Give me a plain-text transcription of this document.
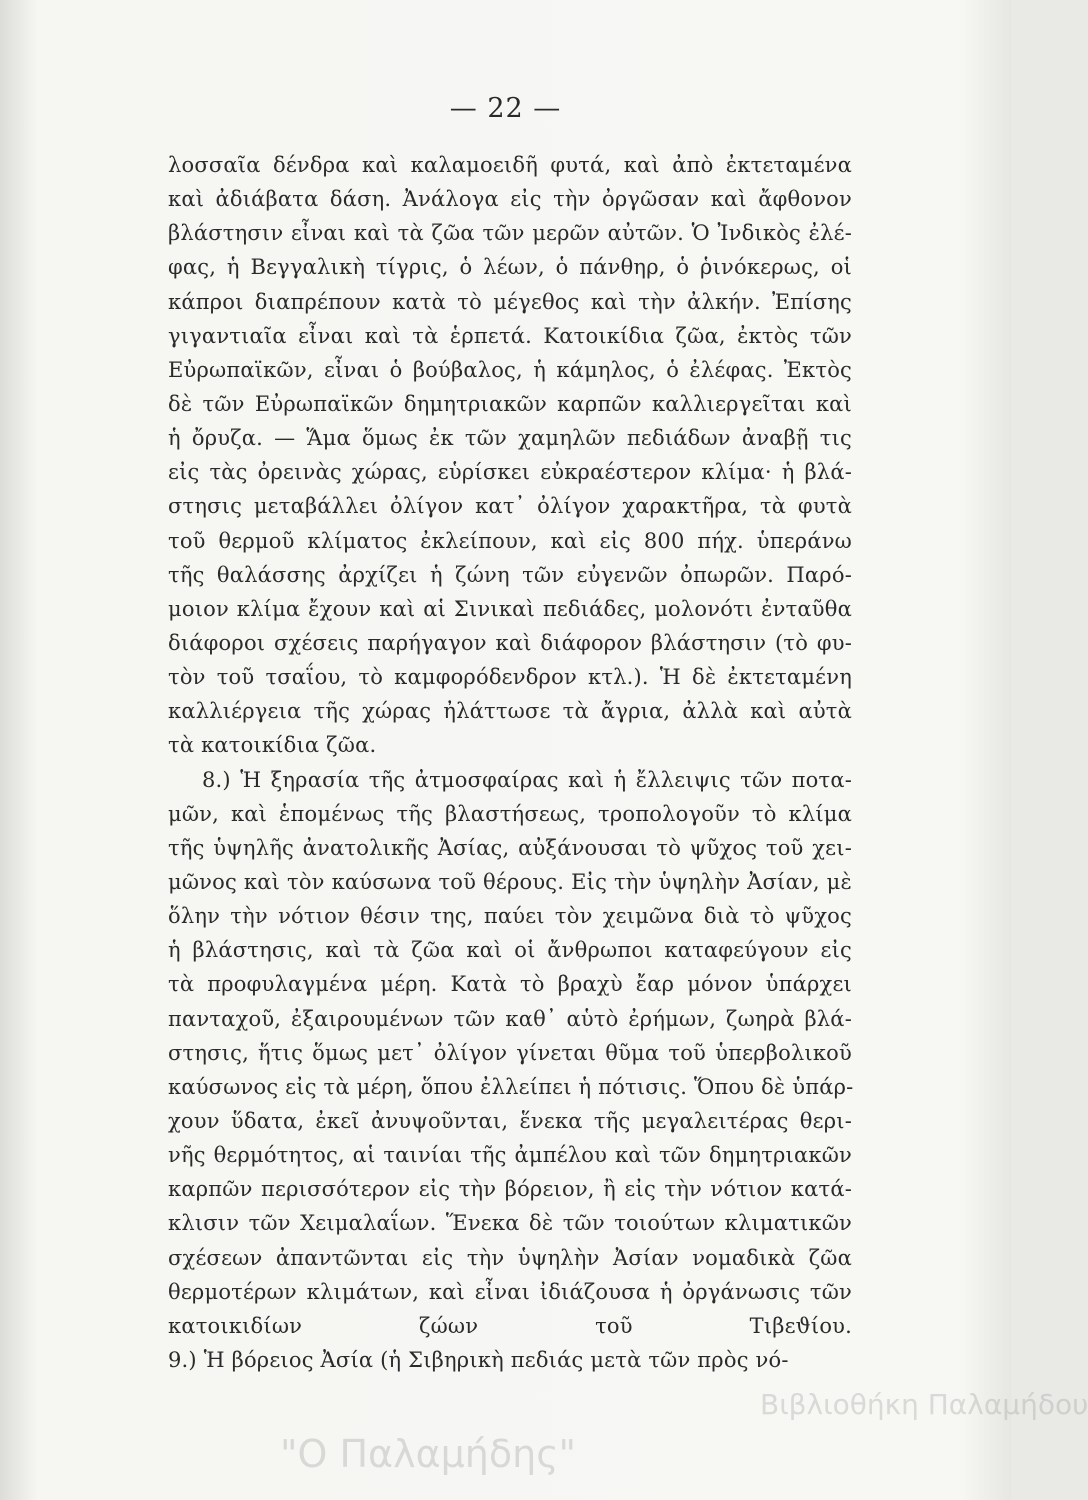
— 22 —
λοσσαῖα δένδρα καὶ καλαμοειδῆ φυτά, καὶ ἀπὸ ἐκτεταμένα
καὶ ἀδιάβατα δάση. Ἀνάλογα εἰς τὴν ὀργῶσαν καὶ ἄφθονον
βλάστησιν εἶναι καὶ τὰ ζῶα τῶν μερῶν αὐτῶν. Ὁ Ἰνδικὸς ἐλέ-
φας, ἡ Βεγγαλικὴ τίγρις, ὁ λέων, ὁ πάνθηρ, ὁ ῥινόκερως, οἱ
κάπροι διαπρέπουν κατὰ τὸ μέγεθος καὶ τὴν ἀλκήν. Ἐπίσης
γιγαντιαῖα εἶναι καὶ τὰ ἑρπετά. Κατοικίδια ζῶα, ἐκτὸς τῶν
Εὐρωπαϊκῶν, εἶναι ὁ βούβαλος, ἡ κάμηλος, ὁ ἐλέφας. Ἐκτὸς
δὲ τῶν Εὐρωπαϊκῶν δημητριακῶν καρπῶν καλλιεργεῖται καὶ
ἡ ὄρυζα. — Ἅμα ὅμως ἐκ τῶν χαμηλῶν πεδιάδων ἀναβῇ τις
εἰς τὰς ὀρεινὰς χώρας, εὑρίσκει εὐκραέστερον κλίμα· ἡ βλά-
στησις μεταβάλλει ὀλίγον κατ᾽ ὀλίγον χαρακτῆρα, τὰ φυτὰ
τοῦ θερμοῦ κλίματος ἐκλείπουν, καὶ εἰς 800 πήχ. ὑπεράνω
τῆς θαλάσσης ἀρχίζει ἡ ζώνη τῶν εὐγενῶν ὀπωρῶν. Παρό-
μοιον κλίμα ἔχουν καὶ αἱ Σινικαὶ πεδιάδες, μολονότι ἐνταῦθα
διάφοροι σχέσεις παρήγαγον καὶ διάφορον βλάστησιν (τὸ φυ-
τὸν τοῦ τσαΐου, τὸ καμφορόδενδρον κτλ.). Ἡ δὲ ἐκτεταμένη
καλλιέργεια τῆς χώρας ἠλάττωσε τὰ ἄγρια, ἀλλὰ καὶ αὐτὰ
τὰ κατοικίδια ζῶα.
8.) Ἡ ξηρασία τῆς ἀτμοσφαίρας καὶ ἡ ἔλλειψις τῶν ποτα-
μῶν, καὶ ἑπομένως τῆς βλαστήσεως, τροπολογοῦν τὸ κλίμα
τῆς ὑψηλῆς ἀνατολικῆς Ἀσίας, αὐξάνουσαι τὸ ψῦχος τοῦ χει-
μῶνος καὶ τὸν καύσωνα τοῦ θέρους. Εἰς τὴν ὑψηλὴν Ἀσίαν, μὲ
ὅλην τὴν νότιον θέσιν της, παύει τὸν χειμῶνα διὰ τὸ ψῦχος
ἡ βλάστησις, καὶ τὰ ζῶα καὶ οἱ ἄνθρωποι καταφεύγουν εἰς
τὰ προφυλαγμένα μέρη. Κατὰ τὸ βραχὺ ἔαρ μόνον ὑπάρχει
πανταχοῦ, ἐξαιρουμένων τῶν καθ᾽ αὑτὸ ἐρήμων, ζωηρὰ βλά-
στησις, ἥτις ὅμως μετ᾽ ὀλίγον γίνεται θῦμα τοῦ ὑπερβολικοῦ
καύσωνος εἰς τὰ μέρη, ὅπου ἐλλείπει ἡ πότισις. Ὅπου δὲ ὑπάρ-
χουν ὕδατα, ἐκεῖ ἀνυψοῦνται, ἕνεκα τῆς μεγαλειτέρας θερι-
νῆς θερμότητος, αἱ ταινίαι τῆς ἀμπέλου καὶ τῶν δημητριακῶν
καρπῶν περισσότερον εἰς τὴν βόρειον, ἢ εἰς τὴν νότιον κατά-
κλισιν τῶν Χειμαλαΐων. Ἕνεκα δὲ τῶν τοιούτων κλιματικῶν
σχέσεων ἀπαντῶνται εἰς τὴν ὑψηλὴν Ἀσίαν νομαδικὰ ζῶα
θερμοτέρων κλιμάτων, καὶ εἶναι ἰδιάζουσα ἡ ὀργάνωσις τῶν
κατοικιδίων ζώων τοῦ Τιβεϑίου.
9.) Ἡ βόρειος Ἀσία (ἡ Σιβηρικὴ πεδιάς μετὰ τῶν πρὸς νό-
Βιβλιοθήκη Παλαμήδου
"Ο Παλαμήδης"
